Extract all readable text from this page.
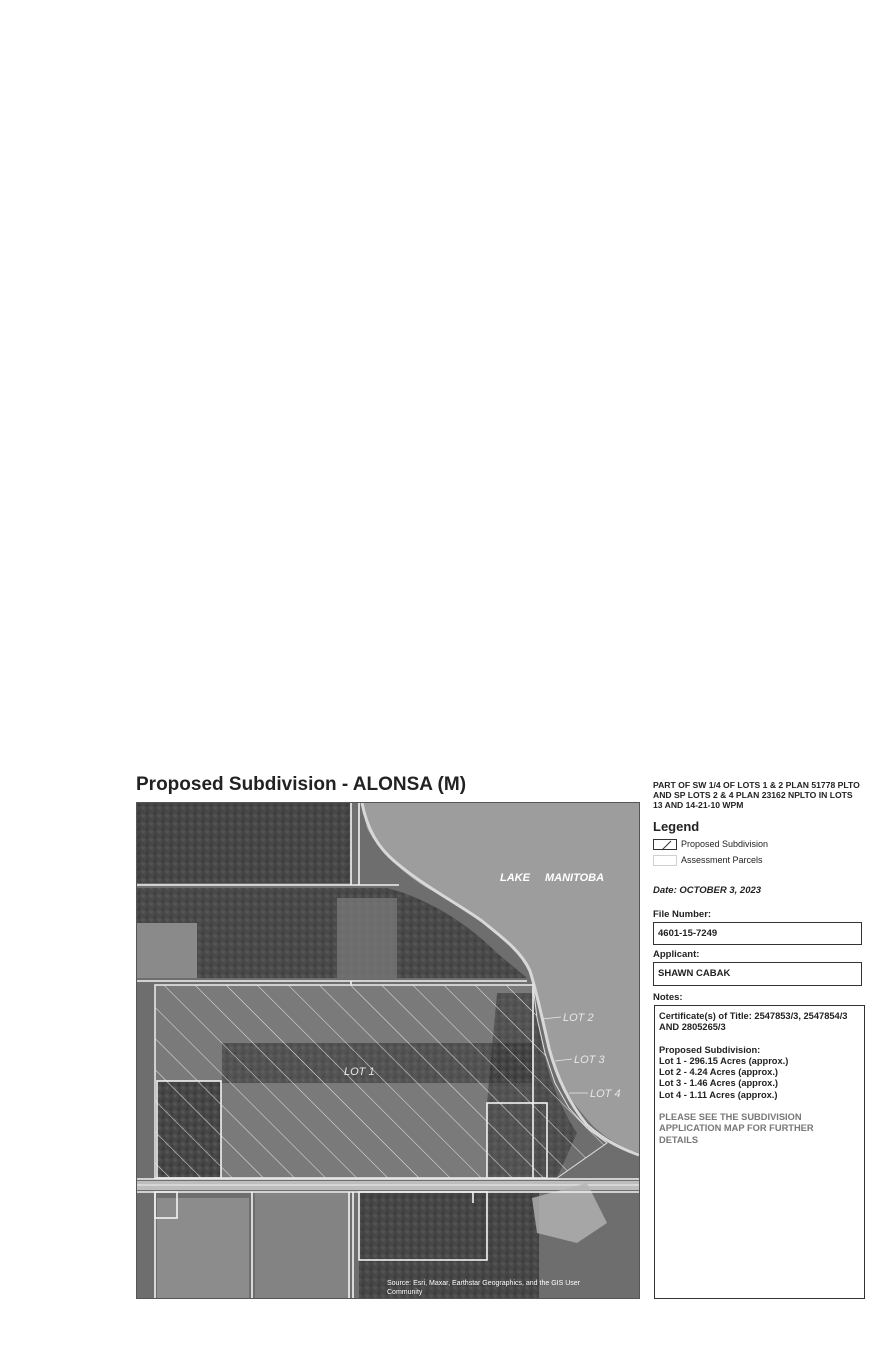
Proposed Subdivision - ALONSA (M)
LAKE MANITOBA
LOT 1
LOT 2
LOT 3
LOT 4
Source: Esri, Maxar, Earthstar Geographics, and the GIS User
Community
PART OF SW 1/4 OF LOTS 1 & 2 PLAN 51778 PLTO
AND SP LOTS 2 & 4 PLAN 23162 NPLTO IN LOTS
13 AND 14-21-10 WPM
Legend
Proposed Subdivision
Assessment Parcels
Date: OCTOBER 3, 2023
File Number:
4601-15-7249
Applicant:
SHAWN CABAK
Notes:
Certificate(s) of Title: 2547853/3, 2547854/3
AND 2805265/3
Proposed Subdivision:
Lot 1 - 296.15 Acres (approx.)
Lot 2 - 4.24 Acres (approx.)
Lot 3 - 1.46 Acres (approx.)
Lot 4 - 1.11 Acres (approx.)
PLEASE SEE THE SUBDIVISION
APPLICATION MAP FOR FURTHER
DETAILS
